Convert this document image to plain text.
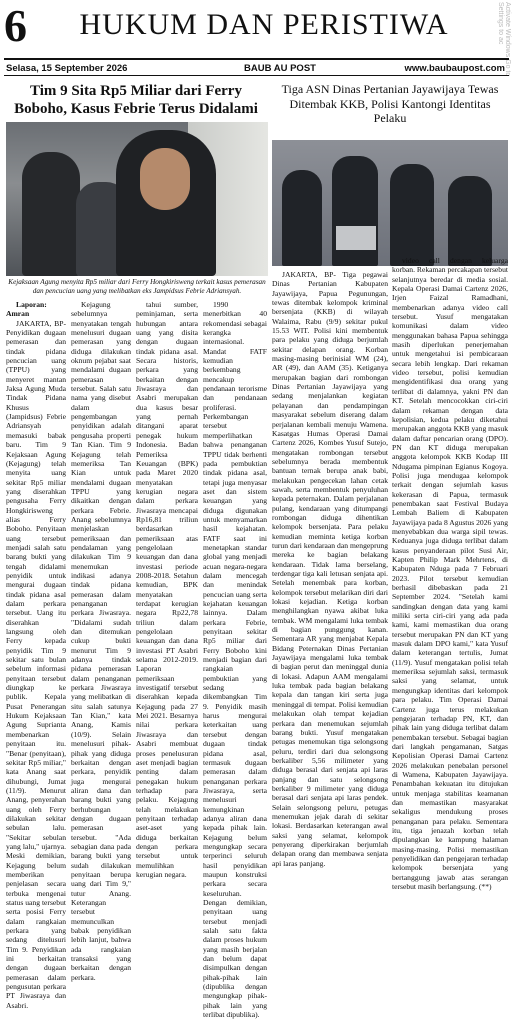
6	HUKUM DAN PERISTIWA	Activate Windows Go to Settings to ac
Selasa, 15 September 2026	BAUB AU POST	www.baubaupost.com
Tim 9 Sita Rp5 Miliar dari Ferry Boboho, Kasus Febrie Terus Didalami
Tiga ASN Dinas Pertanian Jayawijaya Tewas Ditembak KKB, Polisi Kantongi Identitas Pelaku
Kejaksaan Agung menyita Rp5 miliar dari Ferry Hongkirisweng terkait kasus pemerasan dan pencucian uang yang melibatkan eks Jampidsus Febrie Adriansyah.

Laporan: Amran

JAKARTA, BP- Penyidikan dugaan pemerasan dan tindak pidana pencucian uang (TPPU) yang menyeret mantan Jaksa Agung Muda Tindak Pidana Khusus (Jampidsus) Febrie Adriansyah memasuki babak baru. Tim 9 Kejaksaan Agung (Kejagung) telah menyita uang sekitar Rp5 miliar yang diserahkan pengusaha Ferry Hongkirisweng alias Ferry Boboho. Penyitaan uang tersebut menjadi salah satu barang bukti yang tengah didalami penyidik untuk mengurai dugaan tindak pidana asal dalam perkara tersebut. Uang itu diserahkan langsung oleh Ferry kepada penyidik Tim 9 sekitar satu bulan sebelum informasi penyitaan tersebut diungkap ke publik. Kepala Pusat Penerangan Hukum Kejaksaan Agung Suprianta membenarkan penyitaan itu. "Benar (penyitaan), sekitar Rp5 miliar," kata Anang saat dihubungi, Jumat (11/9). Menurut Anang, penyerahan uang oleh Ferry dilakukan sekitar sebulan lalu. "Sekitar sebulan yang lalu," ujarnya. Meski demikian, Kejagung belum memberikan penjelasan secara terbuka mengenai status uang tersebut serta posisi Ferry dalam rangkaian perkara yang sedang ditelusuri Tim 9. Penyidikan ini berkaitan dengan dugaan pemerasan dalam pengusutan perkara PT Jiwasraya dan Asabri.

Kejagung sebelumnya menyatakan tengah menelusuri dugaan pemerasan yang diduga dilakukan oknum pejabat saat mendalami dugaan pemerasan tersebut. Salah satu nama yang disebut dalam pengembangan penyidikan adalah pengusaha properti Tan Kian. Tim 9 Kejagung telah memeriksa Tan Kian untuk mendalami dugaan TPPU yang dikaitkan dengan perkara Febrie. Anang sebelumnya menjelaskan pemeriksaan dan pendalaman yang dilakukan Tim 9 menemukan indikasi adanya tindak pidana pemerasan dalam penanganan perkara Jiwasraya. "Didalami sudah dan ditemukan cukup bukti menurut Tim 9 adanya tindak pidana pemerasan dalam penanganan perkara Jiwasraya yang melibatkan di situ salah satunya Tan Kian," kata Anang, Kamis (10/9). Selain menelusuri pihak-pihak yang diduga berkaitan dengan perkara, penyidik juga mengurai aliran dana dan barang bukti yang berhubungan dengan dugaan pemerasan tersebut. "Ada sebagian dana pada barang bukti yang sudah dilakukan penyitaan berupa uang dari Tim 9," tutur Anang. Keterangan tersebut memunculkan babak penyidikan lebih lanjut, bahwa ada rangkaian transaksi yang berkaitan dengan perkara.

tahui sumber, peminjaman, serta hubungan antara uang yang disita dengan dugaan tindak pidana asal. Secara historis, perkara yang berkaitan dengan Jiwasraya dan Asabri merupakan dua kasus besar yang pernah ditangani aparat penegak hukum Indonesia. Badan Pemeriksa Keuangan (BPK) pada Maret 2020 menyatakan kerugian negara dalam perkara Jiwasraya mencapai Rp16,81 triliun berdasarkan pemeriksaan atas pengelolaan keuangan dan dana investasi periode 2008-2018. Setahun kemudian, BPK menyatakan terdapat kerugian negara Rp22,78 triliun dalam pengelolaan keuangan dan dana investasi PT Asabri selama 2012-2019. Laporan pemeriksaan investigatif tersebut diserahkan kepada Kejagung pada 27 Mei 2021. Besarnya nilai perkara Jiwasraya dan Asabri membuat proses penelusuran aset menjadi bagian penting dalam penegakan hukum terhadap para pelaku. Kejagung telah melakukan penyitaan terhadap aset-aset yang diduga berkaitan dengan perkara tersebut untuk memulihkan kerugian negara.

1990 menerbitkan 40 rekomendasi sebagai kerangka internasional. Mandat FATF kemudian berkembang mencakup pendanaan terorisme dan pendanaan proliferasi. Perkembangan tersebut memperlihatkan bahwa penanganan TPPU tidak berhenti pada pembuktian tindak pidana asal, tetapi juga menyasar aset dan sistem keuangan yang diduga digunakan untuk menyamarkan hasil kejahatan. FATF saat ini menetapkan standar global yang menjadi acuan negara-negara dalam mencegah dan menindak pencucian uang serta kejahatan keuangan lainnya. Dalam perkara Febrie, penyitaan sekitar Rp5 miliar dari Ferry Boboho kini menjadi bagian dari rangkaian pembuktian yang sedang dikembangkan Tim 9. Penyidik masih harus mengurai keterkaitan uang tersebut dengan dugaan tindak pidana asal, termasuk dugaan pemerasan dalam penanganan perkara Jiwasraya, serta menelusuri kemungkinan adanya aliran dana kepada pihak lain. Kejagung belum mengungkap secara terperinci seluruh hasil penyidikan maupun konstruksi perkara secara keseluruhan. Dengan demikian, penyitaan uang tersebut menjadi salah satu fakta dalam proses hukum yang masih berjalan dan belum dapat disimpulkan dengan pihak-pihak lain (dipublika dengan mengungkap pihak-pihak lain yang terlibat dipublika).

JAKARTA, BP- Tiga pegawai Dinas Pertanian Kabupaten Jayawijaya, Papua Pegunungan, tewas ditembak kelompok kriminal bersenjata (KKB) di wilayah Walaima, Rabu (9/9) sekitar pukul 15.53 WIT. Polisi kini membentuk para pelaku yang diduga berjumlah sekitar delapan orang. Korban masing-masing berinisial WM (24), AR (49), dan AAM (35). Ketiganya merupakan bagian dari rombongan Dinas Pertanian Jayawijaya yang sedang menjalankan kegiatan pelayanan dan pendampingan masyarakat sebelum diserang dalam perjalanan kembali menuju Wamena. Kasatgas Humas Operasi Damai Cartenz 2026, Kombes Yusuf Sutejo, mengatakan rombongan tersebut sebelumnya berada membentuk bantuan ternak berupa anak babi, melakukan pengecekan lahan cetak sawah, serta membentuk penyuluhan kepada peternakan. Dalam perjalanan pulang, kendaraan yang ditumpangi rombongan diduga dihentikan kelompok bersenjata. Para pelaku kemudian meminta ketiga korban turun dari kendaraan dan mengeprung mereka ke bagian belakang kendaraan. Tidak lama berselang, terdengar tiga kali letusan senjata api. Setelah menembak para korban, kelompok tersebut melarikan diri dari lokasi kejadian. Ketiga korban menghilangkan nyawa akibat luka tembak. WM mengalami luka tembak di bagian punggung kanan. Sementara AR yang menjabat Kepala Bidang Peternakan Dinas Pertanian Jayawijaya mengalami luka tembak di bagian perut dan meninggal dunia di lokasi. Adapun AAM mengalami luka tembak pada bagian belakang kepala dan tangan kiri serta juga meninggal di tempat. Polisi kemudian melakukan olah tempat kejadian perkara dan menemukan sejumlah barang bukti. Yusuf mengatakan petugas menemukan tiga selongsong peluru, terdiri dari dua selongsong berkaliber 5,56 milimeter yang diduga berasal dari senjata api laras panjang dan satu selongsong berkaliber 9 milimeter yang diduga berasal dari senjata api laras pendek. Selain selongsong peluru, petugas menemukan jejak darah di sekitar lokasi. Berdasarkan keterangan awal saksi yang selamat, kelompok penyerang diperkirakan berjumlah delapan orang dan membawa senjata api laras panjang.

video call dengan keluarga korban. Rekaman percakapan tersebut selanjutnya beredar di media sosial. Kepala Operasi Damai Cartenz 2026, Irjen Faizal Ramadhani, membenarkan adanya video call tersebut. Yusuf mengatakan komunikasi dalam video menggunakan bahasa Papua sehingga masih diperlukan penerjemahan untuk mengetahui isi pembicaraan secara lebih lengkap. Dari rekaman video tersebut, polisi kemudian mengidentifikasi dua orang yang terlibat di dalamnya, yakni PN dan KT. Setelah mencocokkan ciri-ciri dalam rekaman dengan data kepolisian, kedua pelaku diketahui merupakan anggota KKB yang masuk dalam daftar pencarian orang (DPO). PN dan KT diduga merupakan anggota kelompok KKB Kodap III Ndugama pimpinan Egianus Kogoya. Polisi juga mendugaa kelompok terkait dengan sejumlah kasus kekerasan di Papua, termasuk penembakan saat Festival Budaya Lembah Baliem di Kabupaten Jayawijaya pada 8 Agustus 2026 yang menyebabkan dua warga sipil tewas. Keduanya juga diduga terlibat dalam kasus penyanderaan pilot Susi Air, Kapten Philip Mark Mehrtens, di Kabupaten Nduga pada 7 Februari 2023. Pilot tersebut kemudian berhasil dibebaskan pada 21 September 2024. "Setelah kami sandingkan dengan data yang kami miliki serta ciri-ciri yang ada pada kami, kami memastikan dua orang tersebut merupakan PN dan KT yang masuk dalam DPO kami," kata Yusuf dalam keterangan tertulis, Jumat (11/9). Yusuf mengatakan polisi telah memeriksa sejumlah saksi, termasuk saksi yang selamat, untuk mengungkap identitas dari kelompok para pelaku. Tim Operasi Damai Cartenz juga terus melakukan pengejaran terhadap PN, KT, dan pihak lain yang diduga terlibat dalam penembakan tersebut. Sebagai bagian dari langkah pengamanan, Satgas Kepolisian Operasi Damai Cartenz 2026 melakukan penebalan personel di Wamena, Kabupaten Jayawijaya. Penambahan kekuatan itu ditujukan untuk menjaga stabilitas keamanan dan memastikan masyarakat sekaligus mendukung proses penanganan para pelaku. Sementara itu, tiga jenazah korban telah dipulangkan ke kampung halaman masing-masing. Polisi memastikan penyelidikan dan pengejaran terhadap kelompok bersenjata yang bertanggung jawab atas serangan tersebut masih berlangsung. (**)
